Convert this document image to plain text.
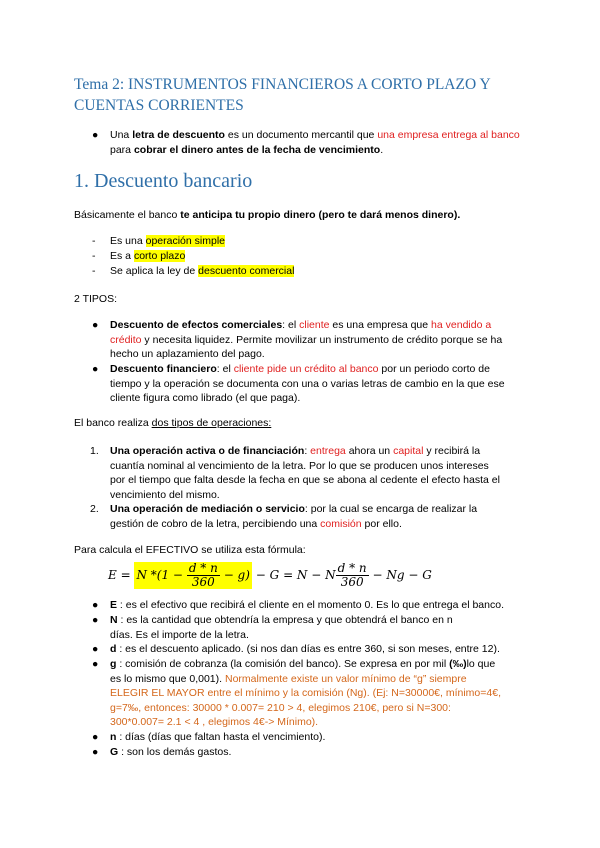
Tema 2: INSTRUMENTOS FINANCIEROS A CORTO PLAZO Y CUENTAS CORRIENTES
● Una letra de descuento es un documento mercantil que una empresa entrega al banco para cobrar el dinero antes de la fecha de vencimiento.

1. Descuento bancario

Básicamente el banco te anticipa tu propio dinero (pero te dará menos dinero).

- Es una operación simple

- Es a corto plazo

- Se aplica la ley de descuento comercial

2 TIPOS:

● Descuento de efectos comerciales: el cliente es una empresa que ha vendido a
crédito y necesita liquidez. Permite movilizar un instrumento de crédito porque se ha
hecho un aplazamiento del pago.

● Descuento financiero: el cliente pide un crédito al banco por un periodo corto de
tiempo y la operación se documenta con una o varias letras de cambio en la que ese
cliente figura como librado (el que paga).

El banco realiza dos tipos de operaciones:

1. Una operación activa o de financiación: entrega ahora un capital y recibirá la
cuantía nominal al vencimiento de la letra. Por lo que se producen unos intereses
por el tiempo que falta desde la fecha en que se abona al cedente el efecto hasta el
vencimiento del mismo.

2. Una operación de mediación o servicio: por la cual se encarga de realizar la
gestión de cobro de la letra, percibiendo una comisión por ello.

Para calcula el EFECTIVO se utiliza esta fórmula:

E =
N * (1 −
$\frac{d * n}{360}$
− g )
− G
= N − N $\frac{d * n}{360}$
− Ng − G
● E : es el efectivo que recibirá el cliente en el momento 0. Es lo que entrega el banco.

● N : es la cantidad que obtendría la empresa y que obtendrá el banco en n
días. Es el importe de la letra.

● d : es el descuento aplicado. (si nos dan días es entre 360, si son meses, entre 12).

● g : comisión de cobranza (la comisión del banco). Se expresa en por mil (‰)lo que
es lo mismo que 0,001). Normalmente existe un valor mínimo de “g” siempre
ELEGIR EL MAYOR entre el mínimo y la comisión (Ng). (Ej: N=30000€, mínimo=4€,
g=7‰, entonces: 30000 * 0.007= 210 > 4, elegimos 210€, pero si N=300:
300*0.007= 2.1 < 4 , elegimos 4€-> Mínimo).

● n : días (días que faltan hasta el vencimiento).

● G : son los demás gastos.
